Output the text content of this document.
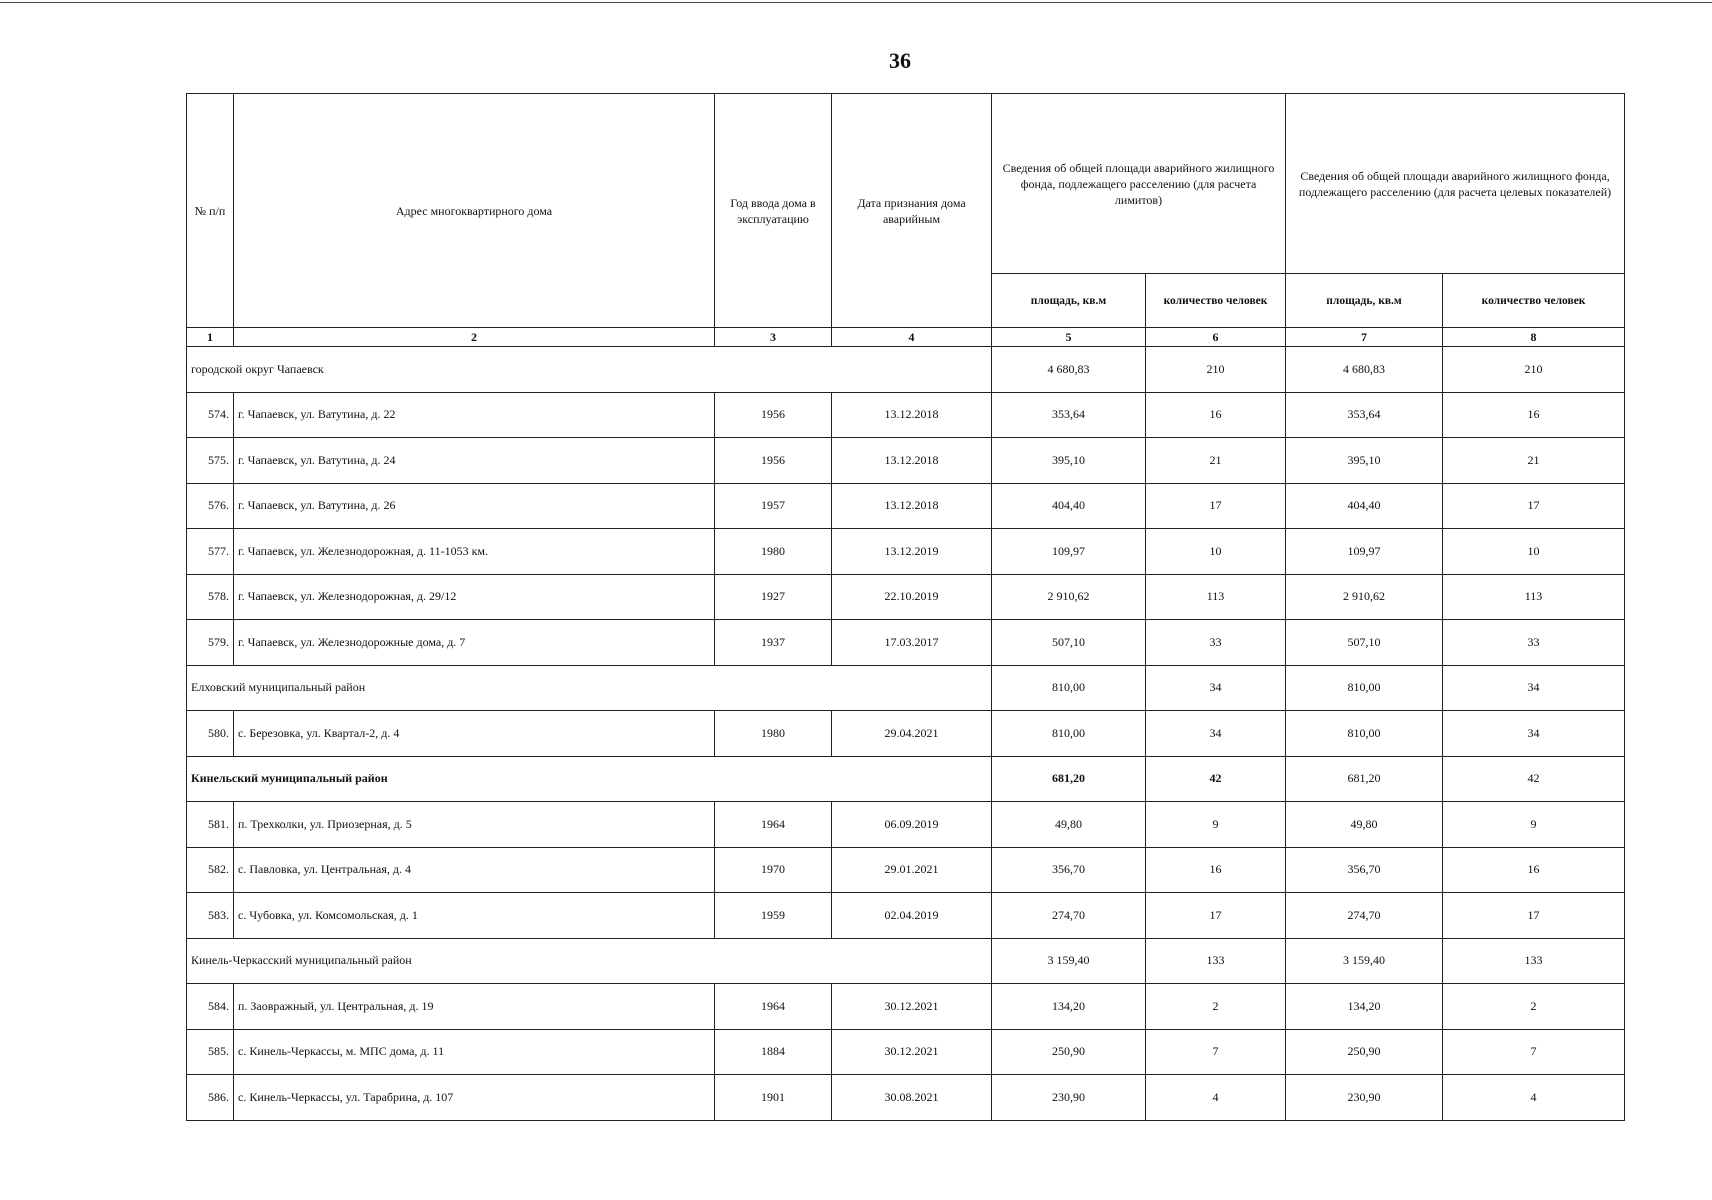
36
№ п/п	Адрес многоквартирного дома	Год ввода дома в эксплуатацию	Дата признания дома аварийным	Сведения об общей площади аварийного жилищного фонда, подлежащего расселению (для расчета лимитов)		Сведения об общей площади аварийного жилищного фонда, подлежащего расселению (для расчета целевых показателей)	
				площадь, кв.м	количество человек	площадь, кв.м	количество человек
1	2	3	4	5	6	7	8
городской округ Чапаевск				4 680,83	210	4 680,83	210
574.	г. Чапаевск, ул. Ватутина, д. 22	1956	13.12.2018	353,64	16	353,64	16
575.	г. Чапаевск, ул. Ватутина, д. 24	1956	13.12.2018	395,10	21	395,10	21
576.	г. Чапаевск, ул. Ватутина, д. 26	1957	13.12.2018	404,40	17	404,40	17
577.	г. Чапаевск, ул. Железнодорожная, д. 11-1053 км.	1980	13.12.2019	109,97	10	109,97	10
578.	г. Чапаевск, ул. Железнодорожная, д. 29/12	1927	22.10.2019	2 910,62	113	2 910,62	113
579.	г. Чапаевск, ул. Железнодорожные дома, д. 7	1937	17.03.2017	507,10	33	507,10	33
Елховский муниципальный район				810,00	34	810,00	34
580.	с. Березовка, ул. Квартал-2, д. 4	1980	29.04.2021	810,00	34	810,00	34
Кинельский муниципальный район				681,20	42	681,20	42
581.	п. Трехколки, ул. Приозерная, д. 5	1964	06.09.2019	49,80	9	49,80	9
582.	с. Павловка, ул. Центральная, д. 4	1970	29.01.2021	356,70	16	356,70	16
583.	с. Чубовка, ул. Комсомольская, д. 1	1959	02.04.2019	274,70	17	274,70	17
Кинель-Черкасский муниципальный район				3 159,40	133	3 159,40	133
584.	п. Заовражный, ул. Центральная, д. 19	1964	30.12.2021	134,20	2	134,20	2
585.	с. Кинель-Черкассы, м. МПС дома, д. 11	1884	30.12.2021	250,90	7	250,90	7
586.	с. Кинель-Черкассы, ул. Тарабрина, д. 107	1901	30.08.2021	230,90	4	230,90	4
